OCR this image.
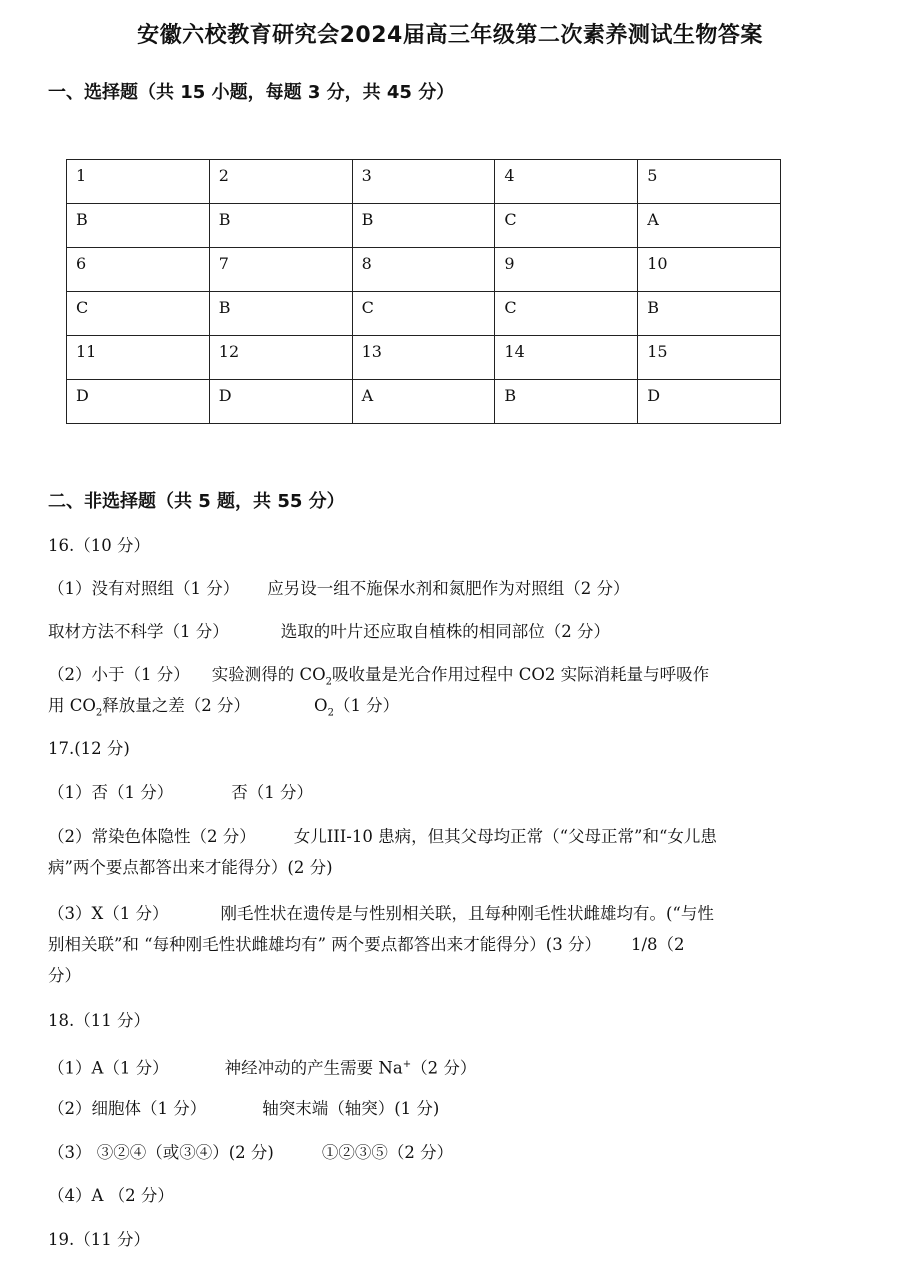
安徽六校教育研究会2024届高三年级第二次素养测试生物答案
一、选择题（共 15 小题，每题 3 分，共 45 分）
1	2	3	4	5
B	B	B	C	A
6	7	8	9	10
C	B	C	C	B
11	12	13	14	15
D	D	A	B	D
二、非选择题（共 5 题，共 55 分）
16.（10 分）
（1）没有对照组（1 分） 应另设一组不施保水剂和氮肥作为对照组（2 分）
取材方法不科学（1 分）	选取的叶片还应取自植株的相同部位（2 分）
（2）小于（1 分） 实验测得的 $CO_2$吸收量是光合作用过程中 CO2 实际消耗量与呼吸作
用 $CO_2$释放量之差（2 分）	$O_2(1$ 分）
17.(12 分)
（1）否（1 分）	否（1 分）
（2）常染色体隐性（2 分） 女儿III-10 患病，但其父母均正常（“父母正常”和“女儿患
病”两个要点都答出来才能得分）(2 分)
（3）X（1 分）	刚毛性状在遗传是与性别相关联，且每种刚毛性状雌雄均有。(“与性
别相关联”和 “每种刚毛性状雌雄均有” 两个要点都答出来才能得分）(3 分） 1/8（2
分）
18.（11 分）
（1）A（1 分）	神经冲动的产生需要 Na+（2 分）
（2）细胞体（1 分）	轴突末端（轴突）(1 分)
（3） ③②④（或③④）(2 分)	①②③⑤（2 分）
（4）A （2 分）
19.（11 分）
